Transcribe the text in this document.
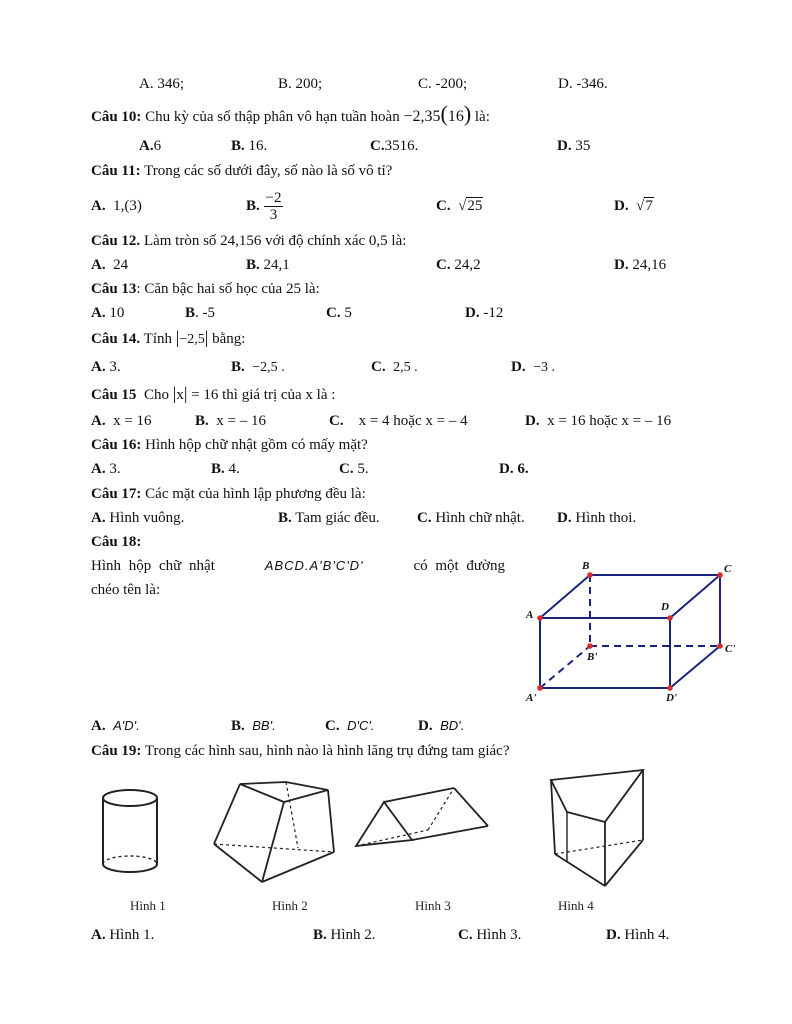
A. 346;	B. 200;	C. -200;	D. -346.
Câu 10: Chu kỳ của số thập phân vô hạn tuần hoàn −2,35(16) là:
A.6	B. 16.	C.3516.	D. 35
Câu 11: Trong các số dưới đây, số nào là số vô tỉ?
A. 1,(3)	B. $\frac{-2}{3}$	C. √25	D. √7
Câu 12. Làm tròn số 24,156 với độ chính xác 0,5 là:
A. 24	B. 24,1	C. 24,2	D. 24,16
Câu 13: Căn bậc hai số học của 25 là:
A. 10	B. -5	C. 5	D. -12
Câu 14. Tính |−2,5| bằng:
A. 3.	B. −2,5 .	C. 2,5 .	D. −3 .
Câu 15 Cho |x| = 16 thì giá trị của x là :
A. x = 16	B. x = – 16	C. x = 4 hoặc x = – 4	D. x = 16 hoặc x = – 16
Câu 16: Hình hộp chữ nhật gồm có mấy mặt?
A. 3.	B. 4.	C. 5.	D. 6.
Câu 17: Các mặt của hình lập phương đều là:
A. Hình vuông.	B. Tam giác đều. C. Hình chữ nhật. D. Hình thoi.
Câu 18:
Hình hộp chữ nhật	ABCD.A'B'C'D'	có một đường
chéo tên là:
B	C
A
D
B'
C'
A'	D'
A. A'D'.	B. BB'.	C. D'C'.	D. BD'.
Câu 19: Trong các hình sau, hình nào là hình lăng trụ đứng tam giác?
Hình 1	Hình 2	Hình 3	Hình 4
A. Hình 1.	B. Hình 2.	C. Hình 3.	D. Hình 4.
